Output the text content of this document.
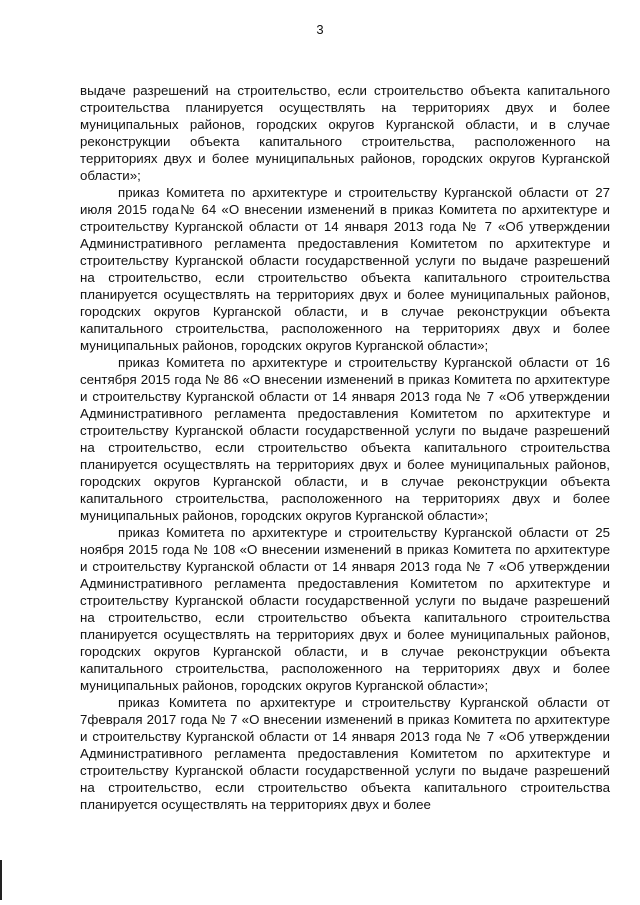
3

выдаче разрешений на строительство, если строительство объекта капитального строительства планируется осуществлять на территориях двух и более муниципальных районов, городских округов Курганской области, и в случае реконструкции объекта капитального строительства, расположенного на территориях двух и более муниципальных районов, городских округов Курганской области»;

приказ Комитета по архитектуре и строительству Курганской области от 27 июля 2015 года№ 64 «О внесении изменений в приказ Комитета по архитектуре и строительству Курганской области от 14 января 2013 года № 7 «Об утверждении Административного регламента предоставления Комитетом по архитектуре и строительству Курганской области государственной услуги по выдаче разрешений на строительство, если строительство объекта капитального строительства планируется осуществлять на территориях двух и более муниципальных районов, городских округов Курганской области, и в случае реконструкции объекта капитального строительства, расположенного на территориях двух и более муниципальных районов, городских округов Курганской области»;

приказ Комитета по архитектуре и строительству Курганской области от 16 сентября 2015 года № 86 «О внесении изменений в приказ Комитета по архитектуре и строительству Курганской области от 14 января 2013 года № 7 «Об утверждении Административного регламента предоставления Комитетом по архитектуре и строительству Курганской области государственной услуги по выдаче разрешений на строительство, если строительство объекта капитального строительства планируется осуществлять на территориях двух и более муниципальных районов, городских округов Курганской области, и в случае реконструкции объекта капитального строительства, расположенного на территориях двух и более муниципальных районов, городских округов Курганской области»;

приказ Комитета по архитектуре и строительству Курганской области от 25 ноября 2015 года № 108 «О внесении изменений в приказ Комитета по архитектуре и строительству Курганской области от 14 января 2013 года № 7 «Об утверждении Административного регламента предоставления Комитетом по архитектуре и строительству Курганской области государственной услуги по выдаче разрешений на строительство, если строительство объекта капитального строительства планируется осуществлять на территориях двух и более муниципальных районов, городских округов Курганской области, и в случае реконструкции объекта капитального строительства, расположенного на территориях двух и более муниципальных районов, городских округов Курганской области»;

приказ Комитета по архитектуре и строительству Курганской области от 7февраля 2017 года № 7 «О внесении изменений в приказ Комитета по архитектуре и строительству Курганской области от 14 января 2013 года № 7 «Об утверждении Административного регламента предоставления Комитетом по архитектуре и строительству Курганской области государственной услуги по выдаче разрешений на строительство, если строительство объекта капитального строительства планируется осуществлять на территориях двух и более
